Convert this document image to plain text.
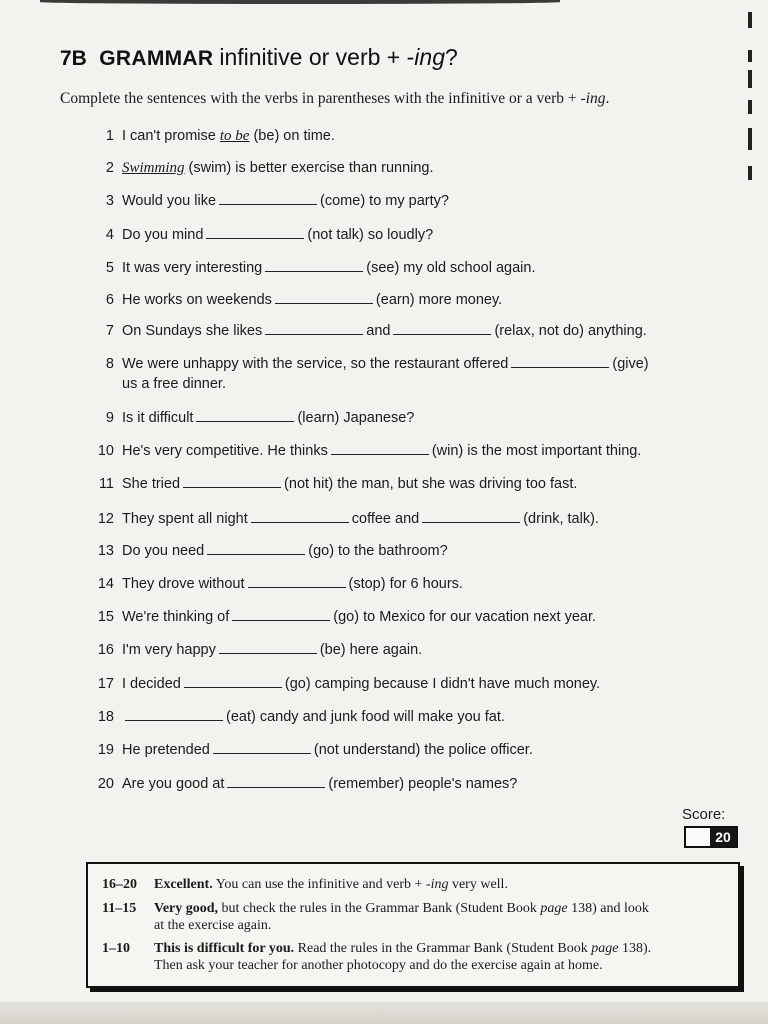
7B GRAMMAR infinitive or verb + -ing?

Complete the sentences with the verbs in parentheses with the infinitive or a verb + -ing.

1 I can't promise to be (be) on time.
2 Swimming (swim) is better exercise than running.
3 Would you like	(come) to my party?
4 Do you mind	(not talk) so loudly?
5 It was very interesting	(see) my old school again.
6 He works on weekends	(earn) more money.
7 On Sundays she likes	and	(relax, not do) anything.
8 We were unhappy with the service, so the restaurant offered	(give)
us a free dinner.
9 Is it difficult	(learn) Japanese?
10 He's very competitive. He thinks	(win) is the most important thing.
11 She tried	(not hit) the man, but she was driving too fast.
12 They spent all night	coffee and	(drink, talk).
13 Do you need	(go) to the bathroom?
14 They drove without	(stop) for 6 hours.
15 We're thinking of	(go) to Mexico for our vacation next year.
16 I'm very happy	(be) here again.
17 I decided	(go) camping because I didn't have much money.
18	(eat) candy and junk food will make you fat.
19 He pretended	(not understand) the police officer.
20 Are you good at	(remember) people's names?
Score:
20
16–20 Excellent. You can use the infinitive and verb + -ing very well.
11–15 Very good, but check the rules in the Grammar Bank (Student Book page 138) and look
at the exercise again.
1–10 This is difficult for you. Read the rules in the Grammar Bank (Student Book page 138).
Then ask your teacher for another photocopy and do the exercise again at home.
